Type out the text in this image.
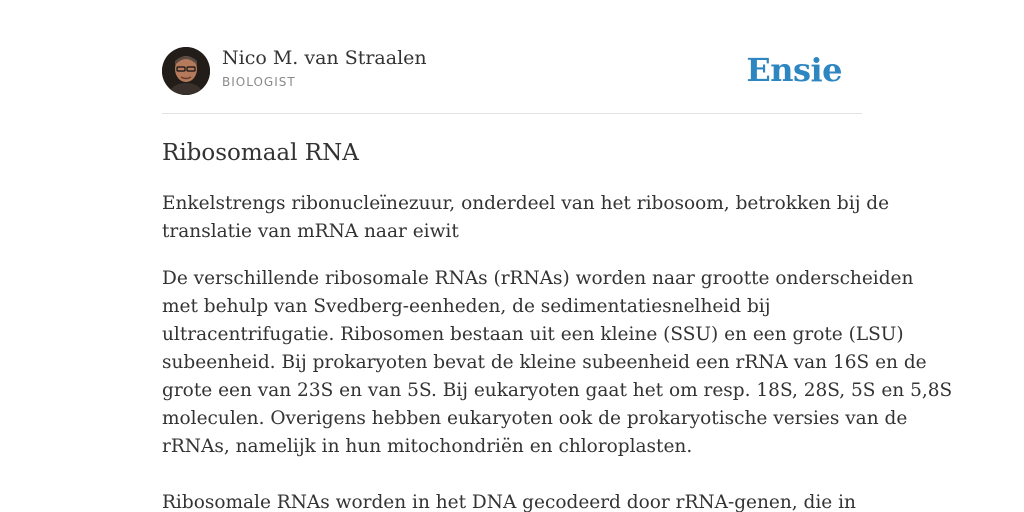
Nico M. van Straalen
BIOLOGIST	Ensie
Ribosomaal RNA
Enkelstrengs ribonucleïnezuur, onderdeel van het ribosoom, betrokken bij de
translatie van mRNA naar eiwit

De verschillende ribosomale RNAs (rRNAs) worden naar grootte onderscheiden
met behulp van Svedberg-eenheden, de sedimentatiesnelheid bij
ultracentrifugatie. Ribosomen bestaan uit een kleine (SSU) en een grote (LSU)
subeenheid. Bij prokaryoten bevat de kleine subeenheid een rRNA van 16S en de
grote een van 23S en van 5S. Bij eukaryoten gaat het om resp. 18S, 28S, 5S en 5,8S
moleculen. Overigens hebben eukaryoten ook de prokaryotische versies van de
rRNAs, namelijk in hun mitochondriën en chloroplasten.

Ribosomale RNAs worden in het DNA gecodeerd door rRNA-genen, die in
